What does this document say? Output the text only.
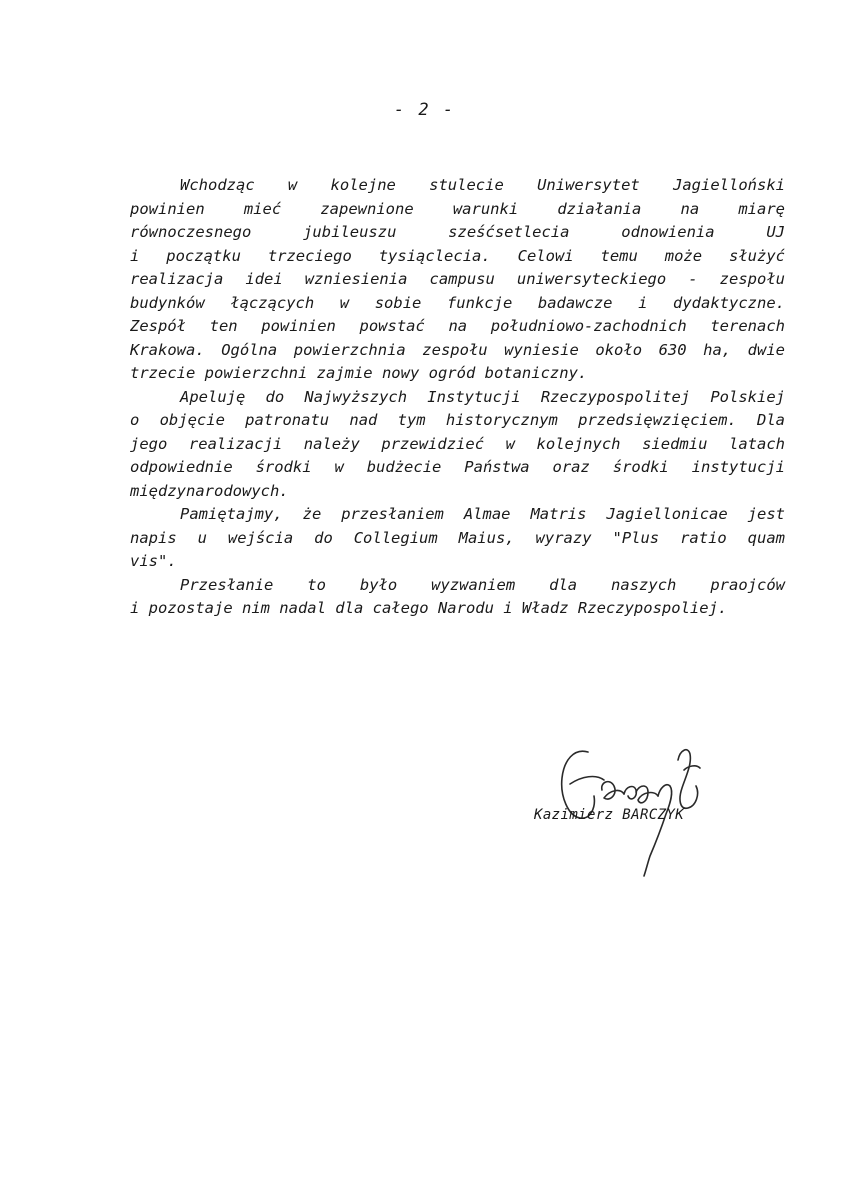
- 2 -
Wchodząc w kolejne stulecie Uniwersytet Jagielloński
powinien mieć zapewnione warunki działania na miarę
równoczesnego jubileuszu sześćsetlecia odnowienia UJ
i początku trzeciego tysiąclecia. Celowi temu może służyć
realizacja idei wzniesienia campusu uniwersyteckiego - zespołu
budynków łączących w sobie funkcje badawcze i dydaktyczne.
Zespół ten powinien powstać na południowo-zachodnich terenach
Krakowa. Ogólna powierzchnia zespołu wyniesie około 630 ha, dwie
trzecie powierzchni zajmie nowy ogród botaniczny.
Apeluję do Najwyższych Instytucji Rzeczypospolitej Polskiej
o objęcie patronatu nad tym historycznym przedsięwzięciem. Dla
jego realizacji należy przewidzieć w kolejnych siedmiu latach
odpowiednie środki w budżecie Państwa oraz środki instytucji
międzynarodowych.
Pamiętajmy, że przesłaniem Almae Matris Jagiellonicae jest
napis u wejścia do Collegium Maius, wyrazy "Plus ratio quam
vis".
Przesłanie to było wyzwaniem dla naszych praojców
i pozostaje nim nadal dla całego Narodu i Władz Rzeczypospoliej.
Kazimierz BARCZYK
